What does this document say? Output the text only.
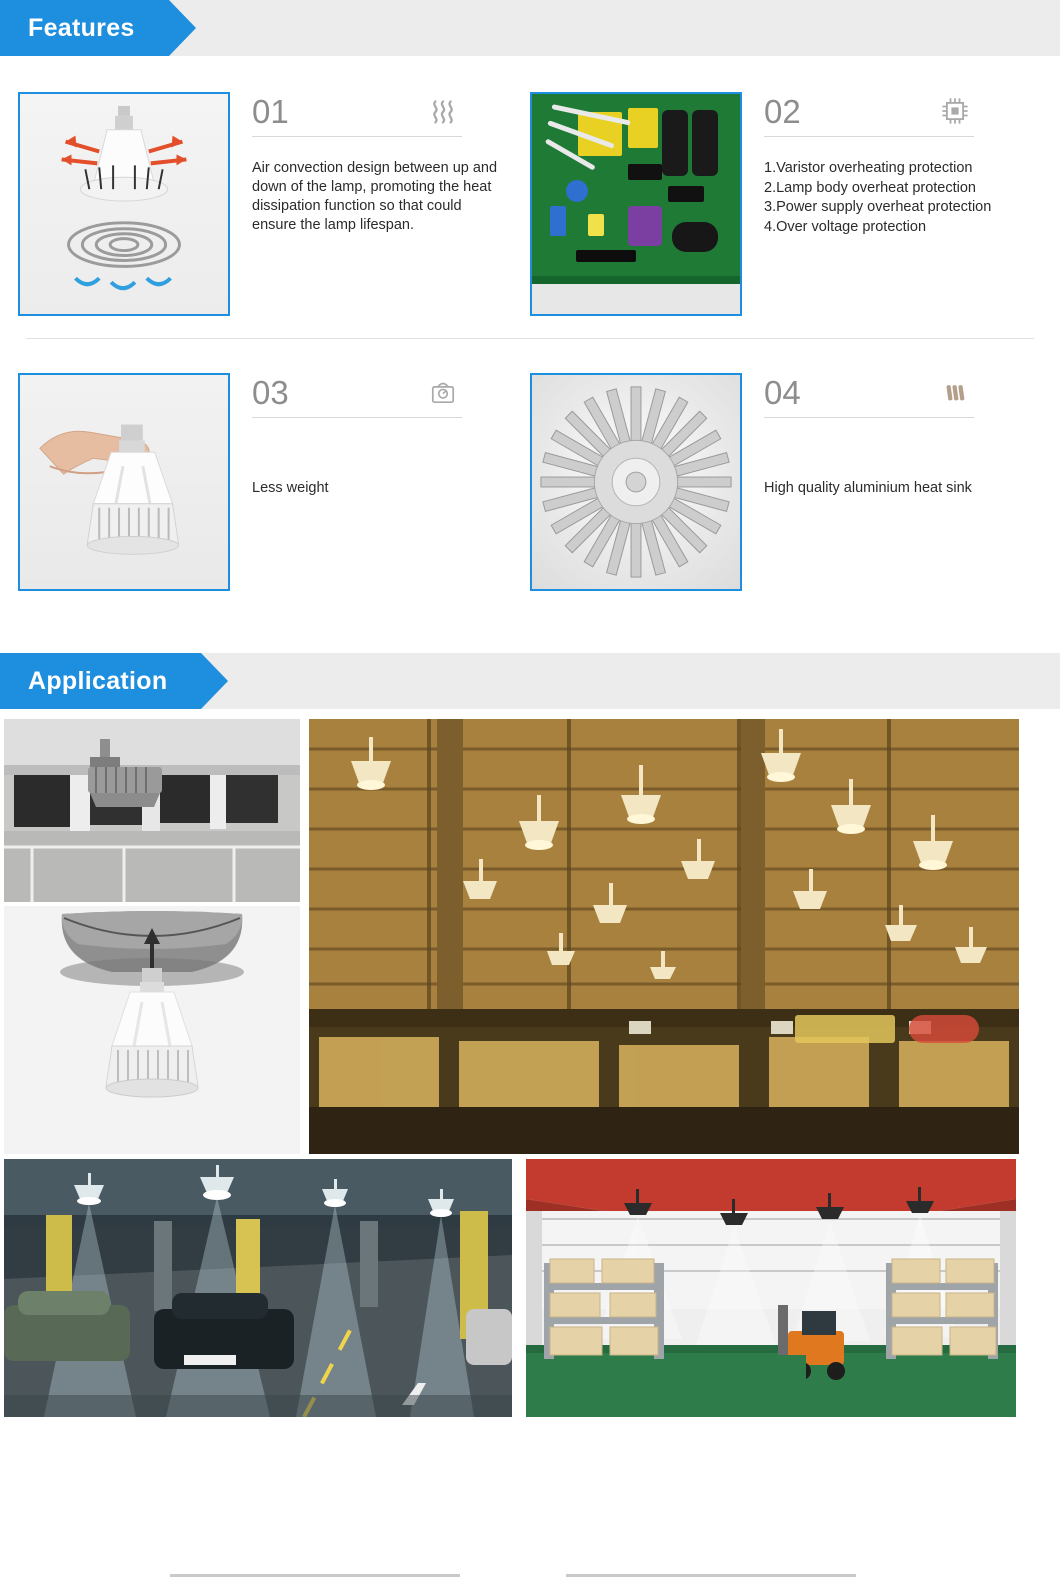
Features
01
Air convection design between up and down of the lamp, promoting the heat dissipation function so that could ensure the lamp lifespan.
02
1.Varistor overheating protection
2.Lamp body overheat protection
3.Power supply overheat protection
4.Over voltage protection
03
Less weight
04
High quality aluminium heat sink
Application
